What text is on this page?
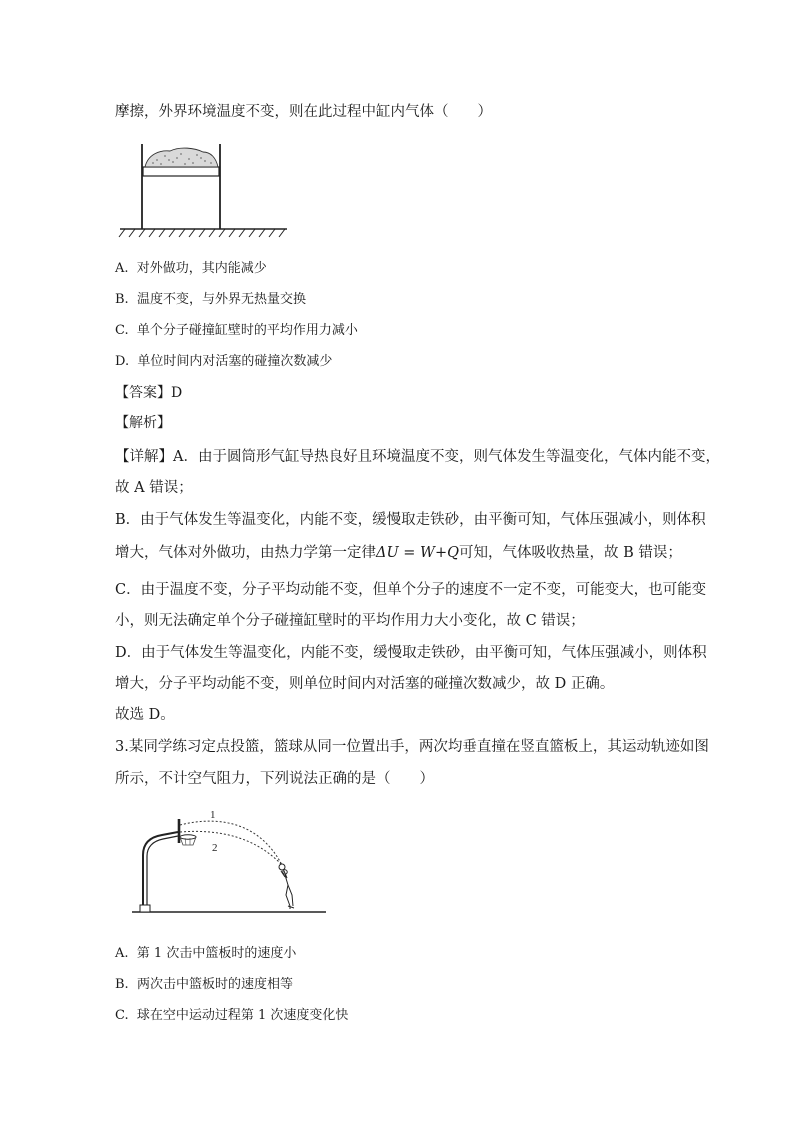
摩擦，外界环境温度不变，则在此过程中缸内气体（　　）
A. 对外做功，其内能减少
B. 温度不变，与外界无热量交换
C. 单个分子碰撞缸壁时的平均作用力减小
D. 单位时间内对活塞的碰撞次数减少
【答案】D
【解析】
【详解】A．由于圆筒形气缸导热良好且环境温度不变，则气体发生等温变化，气体内能不变，
故 A 错误；
B．由于气体发生等温变化，内能不变，缓慢取走铁砂，由平衡可知，气体压强减小，则体积
增大，气体对外做功，由热力学第一定律ΔU = W+Q可知，气体吸收热量，故 B 错误；
C．由于温度不变，分子平均动能不变，但单个分子的速度不一定不变，可能变大，也可能变
小，则无法确定单个分子碰撞缸壁时的平均作用力大小变化，故 C 错误；
D．由于气体发生等温变化，内能不变，缓慢取走铁砂，由平衡可知，气体压强减小，则体积
增大，分子平均动能不变，则单位时间内对活塞的碰撞次数减少，故 D 正确。
故选 D。
3.某同学练习定点投篮，篮球从同一位置出手，两次均垂直撞在竖直篮板上，其运动轨迹如图
所示，不计空气阻力，下列说法正确的是（　　）
1
2
A. 第 1 次击中篮板时的速度小
B. 两次击中篮板时的速度相等
C. 球在空中运动过程第 1 次速度变化快
